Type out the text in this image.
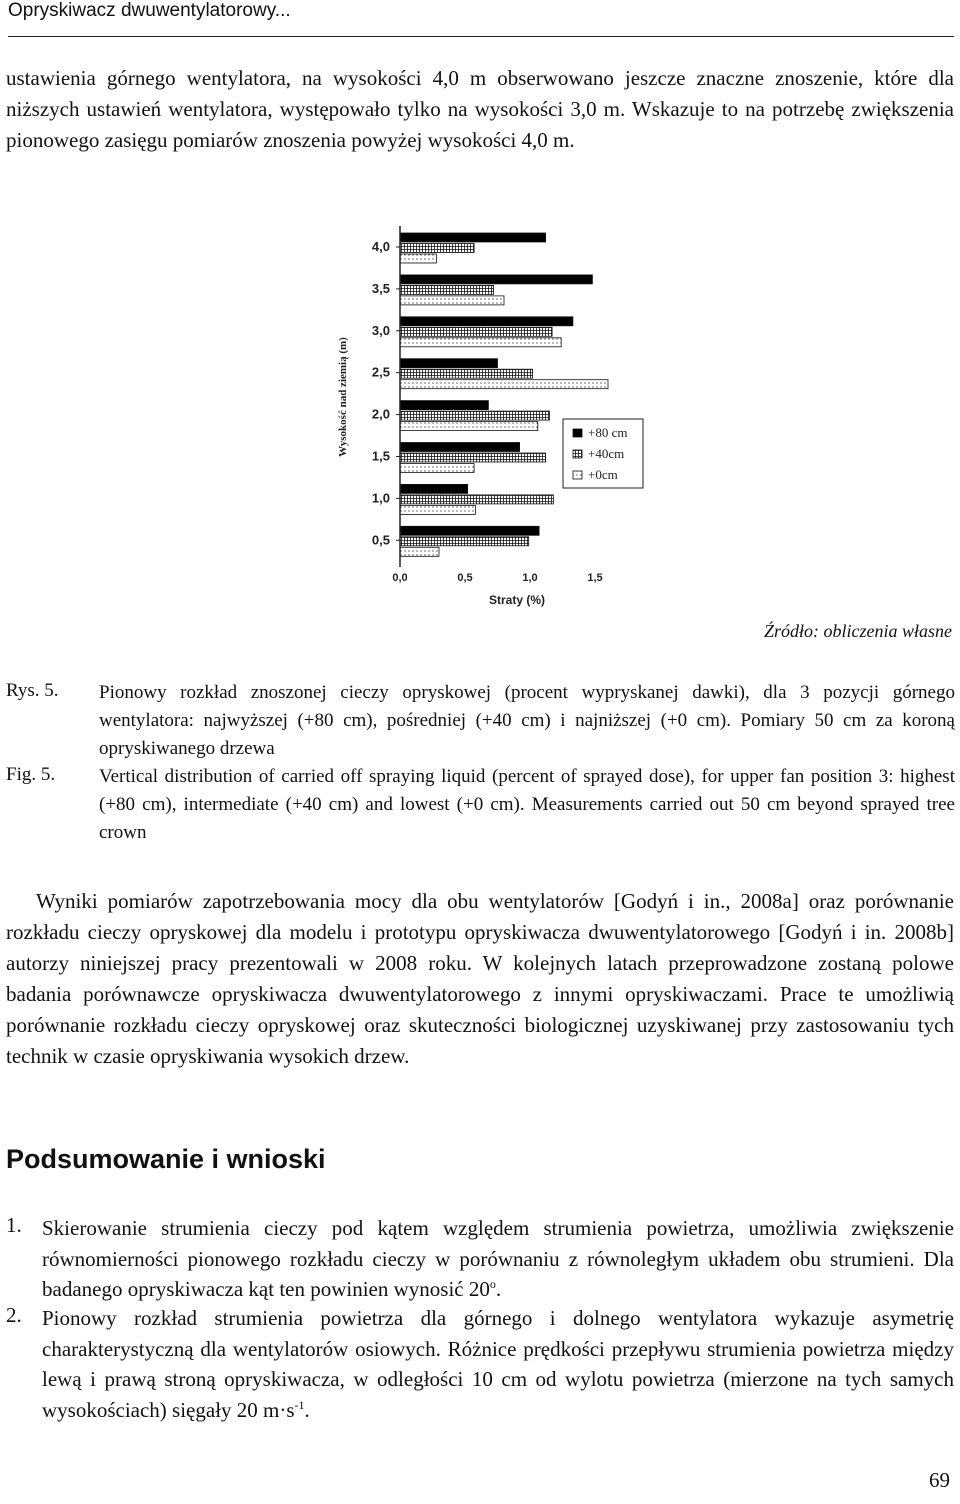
Opryskiwacz dwuwentylatorowy...
ustawienia górnego wentylatora, na wysokości 4,0 m obserwowano jeszcze znaczne znoszenie, które dla niższych ustawień wentylatora, występowało tylko na wysokości 3,0 m. Wskazuje to na potrzebę zwiększenia pionowego zasięgu pomiarów znoszenia powyżej wysokości 4,0 m.
Wysokość nad ziemią (m)
4,0
3,5
3,0
2,5
2,0
1,5
1,0
0,5
0,0	0,5	1,0	1,5
Straty (%)
+80 cm
+40cm
+0cm
Źródło: obliczenia własne
Rys. 5. Pionowy rozkład znoszonej cieczy opryskowej (procent wypryskanej dawki), dla 3 pozycji górnego wentylatora: najwyższej (+80 cm), pośredniej (+40 cm) i najniższej (+0 cm). Pomiary 50 cm za koroną opryskiwanego drzewa
Fig. 5. Vertical distribution of carried off spraying liquid (percent of sprayed dose), for upper fan position 3: highest (+80 cm), intermediate (+40 cm) and lowest (+0 cm). Measurements carried out 50 cm beyond sprayed tree crown
Wyniki pomiarów zapotrzebowania mocy dla obu wentylatorów [Godyń i in., 2008a] oraz porównanie rozkładu cieczy opryskowej dla modelu i prototypu opryskiwacza dwuwentylatorowego [Godyń i in. 2008b] autorzy niniejszej pracy prezentowali w 2008 roku. W kolejnych latach przeprowadzone zostaną polowe badania porównawcze opryskiwacza dwuwentylatorowego z innymi opryskiwaczami. Prace te umożliwią porównanie rozkładu cieczy opryskowej oraz skuteczności biologicznej uzyskiwanej przy zastosowaniu tych technik w czasie opryskiwania wysokich drzew.
Podsumowanie i wnioski
1. Skierowanie strumienia cieczy pod kątem względem strumienia powietrza, umożliwia zwiększenie równomierności pionowego rozkładu cieczy w porównaniu z równoległym układem obu strumieni. Dla badanego opryskiwacza kąt ten powinien wynosić 20$^o$.
2. Pionowy rozkład strumienia powietrza dla górnego i dolnego wentylatora wykazuje asymetrię charakterystyczną dla wentylatorów osiowych. Różnice prędkości przepływu strumienia powietrza między lewą i prawą stroną opryskiwacza, w odległości 10 cm od wylotu powietrza (mierzone na tych samych wysokościach) sięgały 20 $m\cdot s^{-1}$.
69
